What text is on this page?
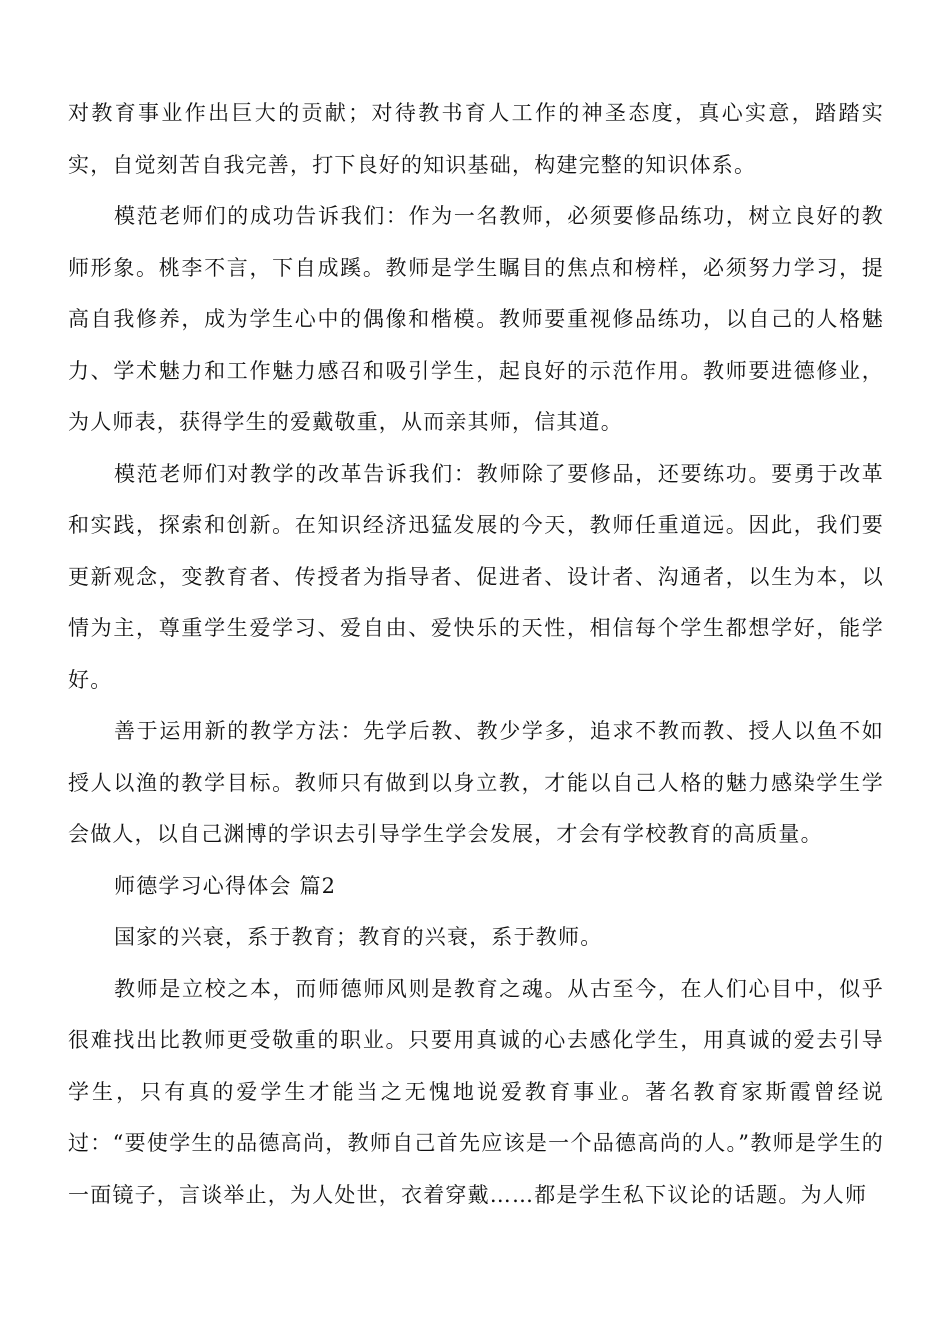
对教育事业作出巨大的贡献；对待教书育人工作的神圣态度，真心实意，踏踏实实，自觉刻苦自我完善，打下良好的知识基础，构建完整的知识体系。

模范老师们的成功告诉我们：作为一名教师，必须要修品练功，树立良好的教师形象。桃李不言，下自成蹊。教师是学生瞩目的焦点和榜样，必须努力学习，提高自我修养，成为学生心中的偶像和楷模。教师要重视修品练功，以自己的人格魅力、学术魅力和工作魅力感召和吸引学生，起良好的示范作用。教师要进德修业，为人师表，获得学生的爱戴敬重，从而亲其师，信其道。

模范老师们对教学的改革告诉我们：教师除了要修品，还要练功。要勇于改革和实践，探索和创新。在知识经济迅猛发展的今天，教师任重道远。因此，我们要更新观念，变教育者、传授者为指导者、促进者、设计者、沟通者，以生为本，以情为主，尊重学生爱学习、爱自由、爱快乐的天性，相信每个学生都想学好，能学好。

善于运用新的教学方法：先学后教、教少学多，追求不教而教、授人以鱼不如授人以渔的教学目标。教师只有做到以身立教，才能以自己人格的魅力感染学生学会做人，以自己渊博的学识去引导学生学会发展，才会有学校教育的高质量。

师德学习心得体会 篇2

国家的兴衰，系于教育；教育的兴衰，系于教师。

教师是立校之本，而师德师风则是教育之魂。从古至今，在人们心目中，似乎很难找出比教师更受敬重的职业。只要用真诚的心去感化学生，用真诚的爱去引导学生，只有真的爱学生才能当之无愧地说爱教育事业。著名教育家斯霞曾经说过：“要使学生的品德高尚，教师自己首先应该是一个品德高尚的人。”教师是学生的一面镜子，言谈举止，为人处世，衣着穿戴……都是学生私下议论的话题。为人师
